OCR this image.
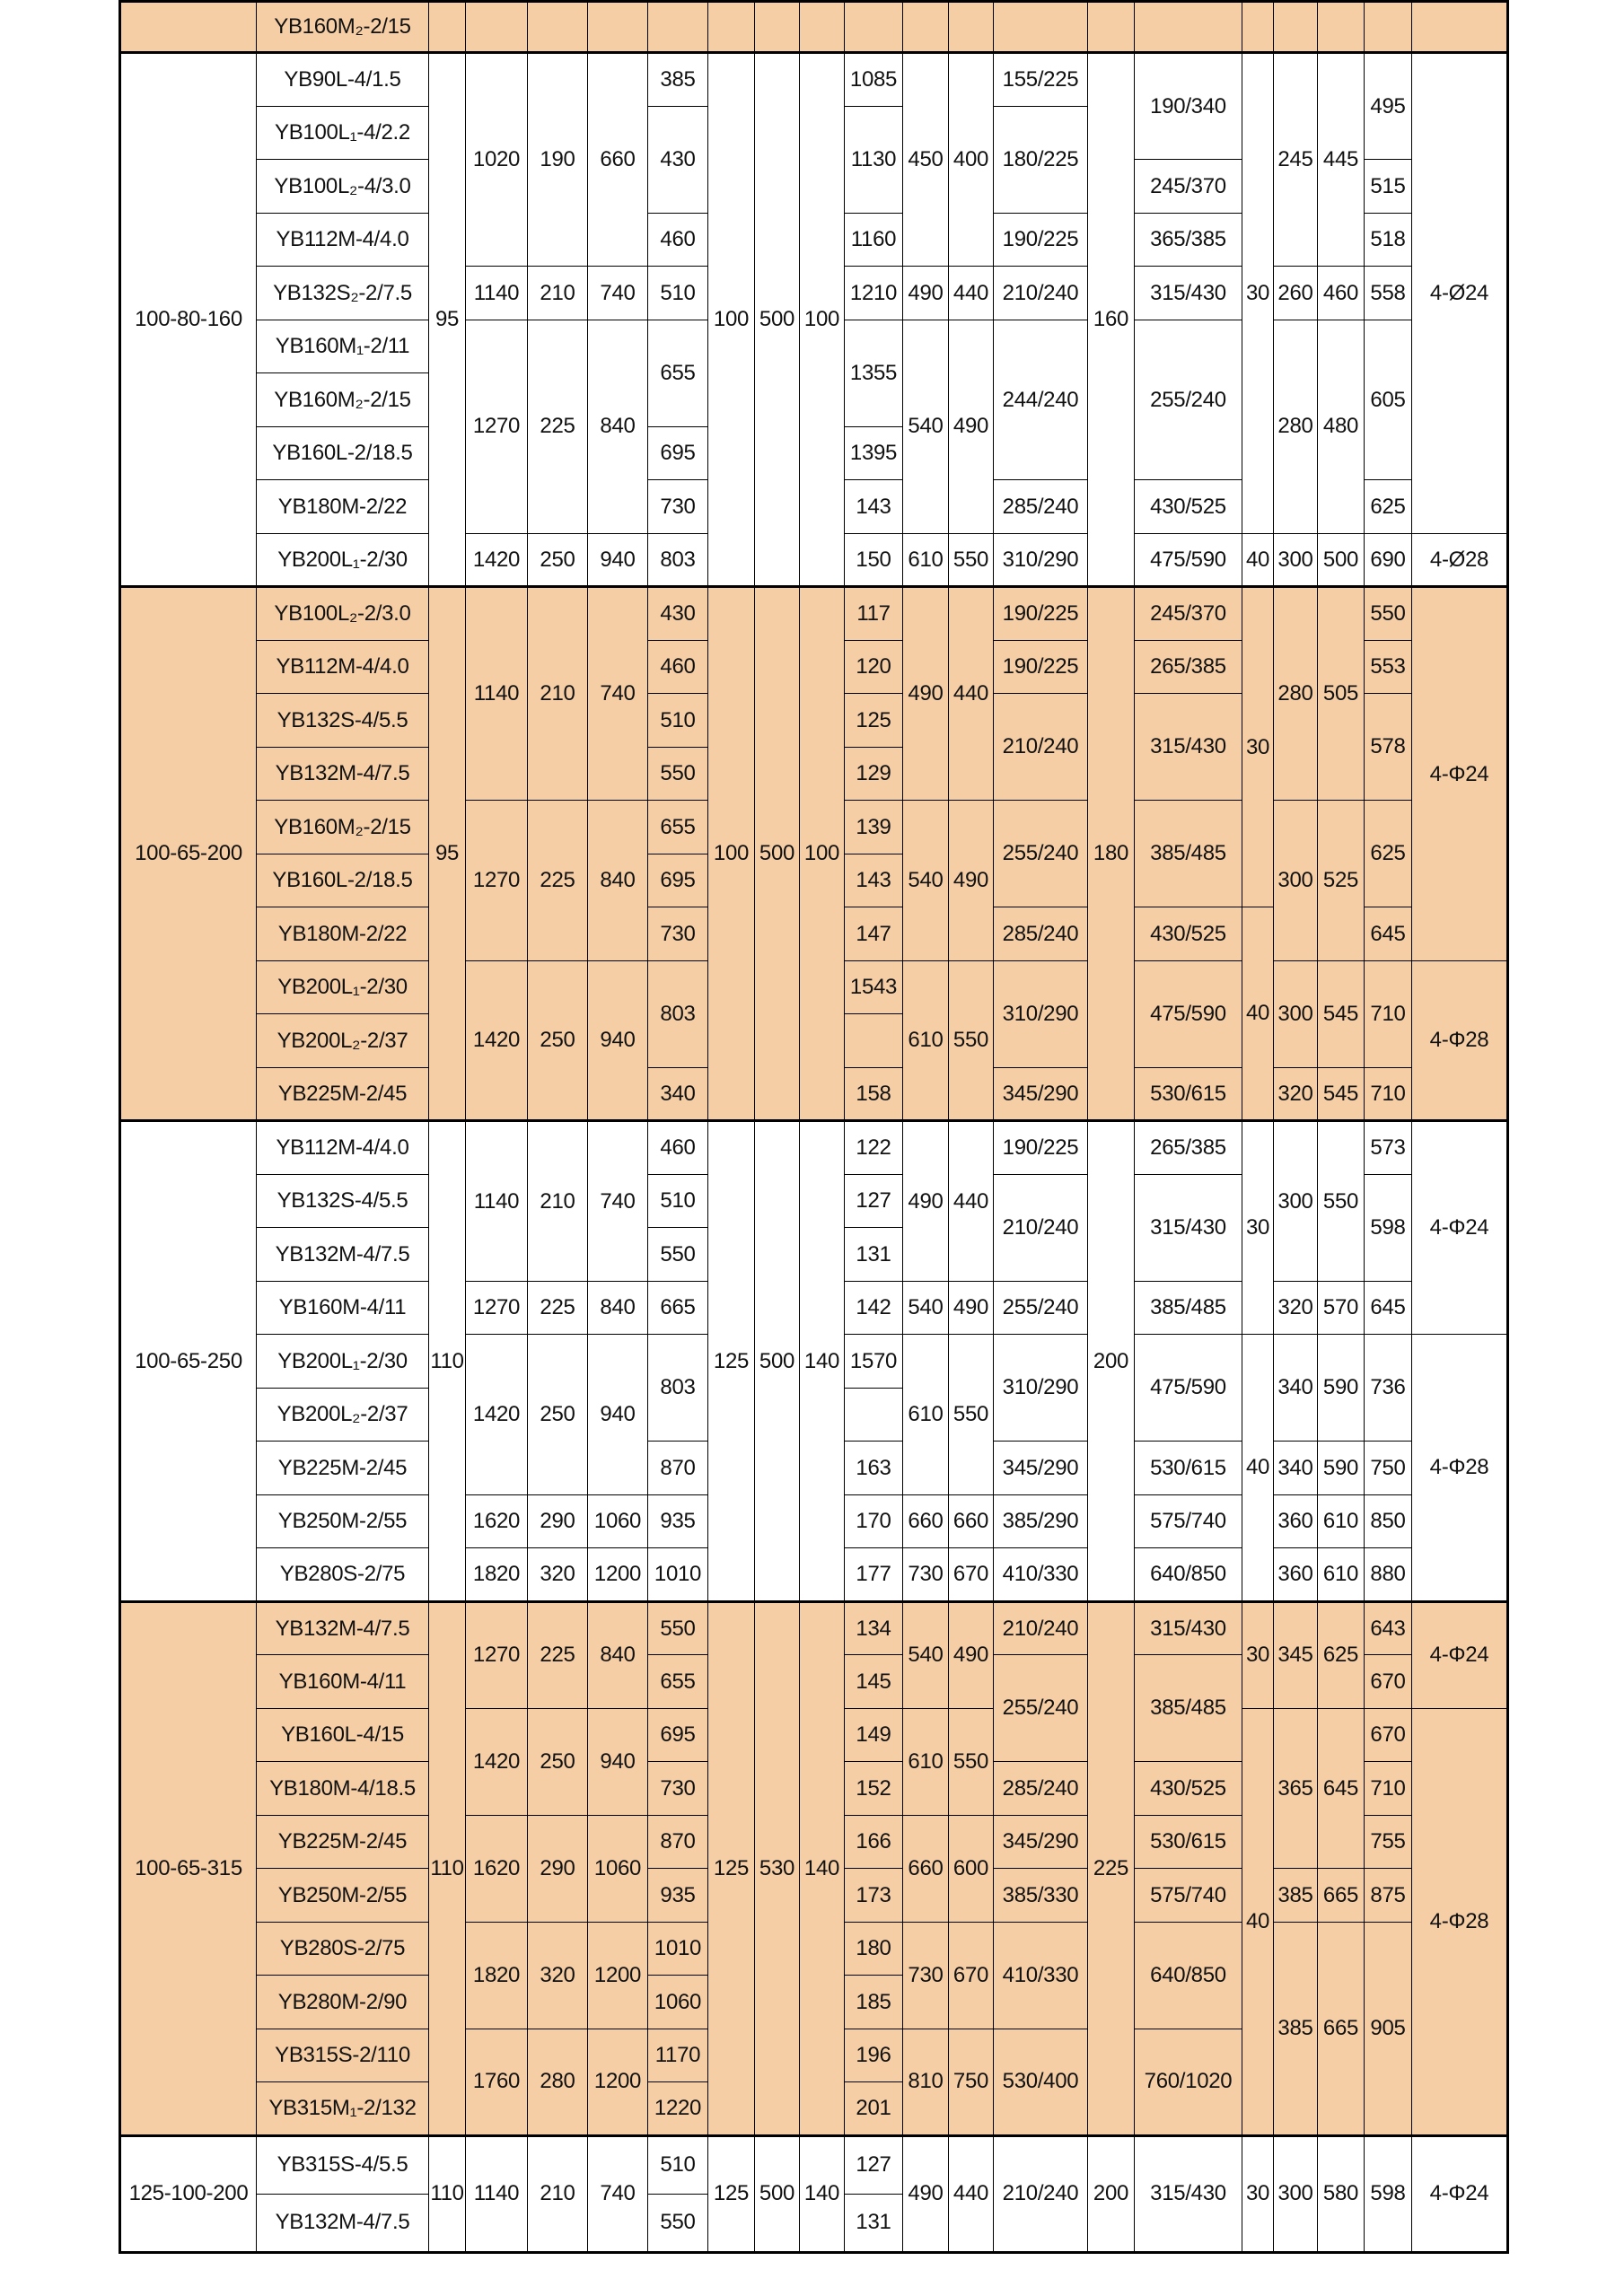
	YB160M₂-2/15																			
100-80-160	YB90L-4/1.5	95	1020	190	660	385	100	500	100	1085	450	400	155/225	160	190/340	30	245	445	495	4-Ø24
	YB100L₁-4/2.2					430				1130			180/225							
	YB100L₂-4/3.0														245/370				515	
	YB112M-4/4.0					460				1160			190/225		365/385				518	
	YB132S₂-2/7.5		1140	210	740	510				1210	490	440	210/240		315/430		260	460	558	
	YB160M₁-2/11		1270	225	840	655				1355	540	490	244/240		255/240		280	480	605	
	YB160M₂-2/15																			
	YB160L-2/18.5					695				1395										
	YB180M-2/22					730				143			285/240		430/525				625	
	YB200L₁-2/30		1420	250	940	803				150	610	550	310/290		475/590	40	300	500	690	4-Ø28
100-65-200	YB100L₂-2/3.0	95	1140	210	740	430	100	500	100	117	490	440	190/225	180	245/370	30	280	505	550	4-Φ24
	YB112M-4/4.0					460				120			190/225		265/385				553	
	YB132S-4/5.5					510				125			210/240		315/430				578	
	YB132M-4/7.5					550				129										
	YB160M₂-2/15		1270	225	840	655				139	540	490	255/240		385/485		300	525	625	
	YB160L-2/18.5					695				143										
	YB180M-2/22					730				147			285/240		430/525	40			645	
	YB200L₁-2/30		1420	250	940	803				1543	610	550	310/290		475/590		300	545	710	4-Φ28
	YB200L₂-2/37																			
	YB225M-2/45					340				158			345/290		530/615		320	545	710	
100-65-250	YB112M-4/4.0	110	1140	210	740	460	125	500	140	122	490	440	190/225	200	265/385	30	300	550	573	4-Φ24
	YB132S-4/5.5					510				127			210/240		315/430				598	
	YB132M-4/7.5					550				131										
	YB160M-4/11		1270	225	840	665				142	540	490	255/240		385/485		320	570	645	
	YB200L₁-2/30		1420	250	940	803				1570	610	550	310/290		475/590	40	340	590	736	4-Φ28
	YB200L₂-2/37																			
	YB225M-2/45					870				163			345/290		530/615		340	590	750	
	YB250M-2/55		1620	290	1060	935				170	660	660	385/290		575/740		360	610	850	
	YB280S-2/75		1820	320	1200	1010				177	730	670	410/330		640/850		360	610	880	
100-65-315	YB132M-4/7.5	110	1270	225	840	550	125	530	140	134	540	490	210/240	225	315/430	30	345	625	643	4-Φ24
	YB160M-4/11					655				145			255/240		385/485				670	
	YB160L-4/15		1420	250	940	695				149	610	550				40	365	645	670	4-Φ28
	YB180M-4/18.5					730				152			285/240		430/525				710	
	YB225M-2/45		1620	290	1060	870				166	660	600	345/290		530/615				755	
	YB250M-2/55					935				173			385/330		575/740		385	665	875	
	YB280S-2/75		1820	320	1200	1010				180	730	670	410/330		640/850		385	665	905	
	YB280M-2/90					1060				185										
	YB315S-2/110		1760	280	1200	1170				196	810	750	530/400		760/1020					
	YB315M₁-2/132					1220				201										
125-100-200	YB315S-4/5.5	110	1140	210	740	510	125	500	140	127	490	440	210/240	200	315/430	30	300	580	598	4-Φ24
	YB132M-4/7.5					550				131										
